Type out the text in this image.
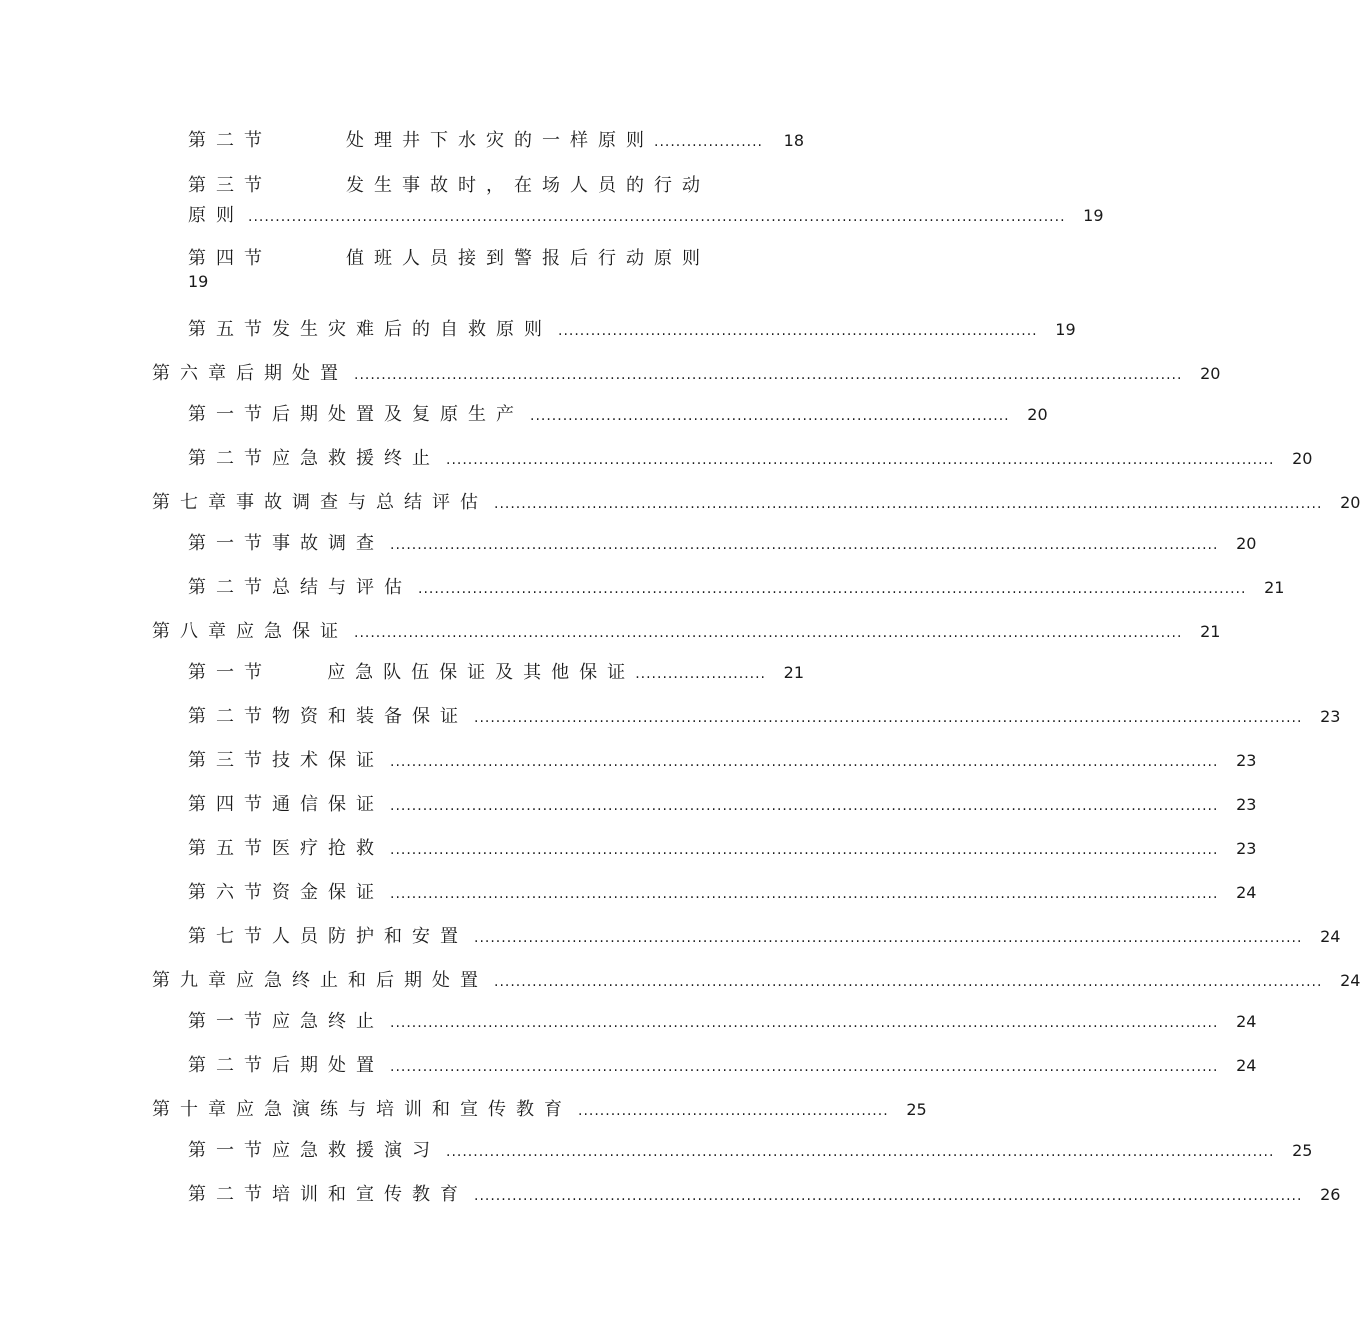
第二节	处理井下水灾的一样原则 .................... 18
第三节	发生事故时，在场人员的行动
原则 ...................................................................................................................................................... 19
第四节	值班人员接到警报后行动原则
19
第五节 发生灾难后的自救原则 ........................................................................................ 19
第六章 后期处置 ........................................................................................................................................................ 20
第一节 后期处置及复原生产 ........................................................................................ 20
第二节 应急救援终止 ........................................................................................................................................................ 20
第七章 事故调查与总结评估 ........................................................................................................................................................ 20
第一节 事故调查 ........................................................................................................................................................ 20
第二节 总结与评估 ........................................................................................................................................................ 21
第八章 应急保证 ........................................................................................................................................................ 21
第一节	应急队伍保证及其他保证 ........................ 21
第二节 物资和装备保证 ........................................................................................................................................................ 23
第三节 技术保证 ........................................................................................................................................................ 23
第四节 通信保证 ........................................................................................................................................................ 23
第五节 医疗抢救 ........................................................................................................................................................ 23
第六节 资金保证 ........................................................................................................................................................ 24
第七节 人员防护和安置 ........................................................................................................................................................ 24
第九章 应急终止和后期处置 ........................................................................................................................................................ 24
第一节 应急终止 ........................................................................................................................................................ 24
第二节 后期处置 ........................................................................................................................................................ 24
第十章 应急演练与培训和宣传教育 ......................................................... 25
第一节 应急救援演习 ........................................................................................................................................................ 25
第二节 培训和宣传教育 ........................................................................................................................................................ 26
